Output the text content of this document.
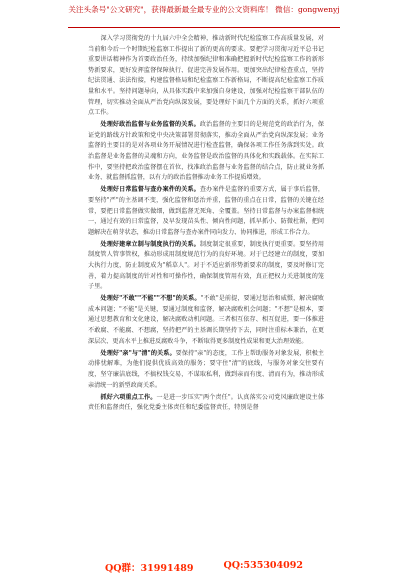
关注头条号"公文研究"，获得最新最全最专业的公文资料库！ 微信：gongwenyj

深入学习贯彻党的十九届六中全会精神，推动新时代纪检监察工作高质量发展，对当前和今后一个时期纪检监察工作提出了新的更高的要求。要把学习贯彻习近平总书记重要讲话精神作为首要政治任务，持续加强纪律和准确把握新时代纪检监察工作的新形势新要求，更好发挥监督保障执行、促进完善发展作用。更加突出纪律检查重点，坚持纪法贯通、法法衔接，构建监督格局和纪检监察工作新格局，不断提高纪检监察工作质量和水平。坚持问题导向，从具体实践中来加强自身建设，加强对纪检监察干部队伍的管理，切实推动全面从严治党向纵深发展，要处理好下面几个方面的关系，抓好六项重点工作。

处理好政治监督与业务监督的关系。政治监督的主要目的是规范党的政治行为，保证党的路线方针政策和党中央决策部署贯彻落实，推动全面从严治党向纵深发展；业务监督的主要目的是对各项业务开展情况进行检查监督，确保各项工作任务落到实处。政治监督是业务监督的灵魂和方向，业务监督是政治监督的具体化和实践载体。在实际工作中，要坚持把政治监督摆在首位，找准政治监督与业务监督的结合点，防止就业务抓业务、就监督抓监督，以有力的政治监督推动业务工作提质增效。

处理好日常监督与查办案件的关系。查办案件是监督的重要方式，属于事后监督，要坚持"严"的主基调不变，强化监督和惩治并重，监督的重点在日常，监督的关键在经常，要把日常监督做实做细，做到监督无死角、全覆盖。坚持日常监督与办案监督相统一，通过有效的日常监督，及早发现苗头性、倾向性问题，抓早抓小、防微杜渐，把问题解决在萌芽状态，推动日常监督与查办案件同向发力、协同推进，形成工作合力。

处理好建章立制与制度执行的关系。制度制定很重要，制度执行更重要。要坚持用制度管人管事管权，推动形成用制度规范行为的良好环境。对于已经建立的制度，要加大执行力度，防止制度成为"稻草人"。对于不适应新形势新要求的制度，要及时修订完善，着力提高制度的针对性和可操作性，确保制度管用有效，真正把权力关进制度的笼子里。

处理好"不敢""不能""不想"的关系。"不敢"是前提，要通过惩治和威慑，解决腐败成本问题；"不能"是关键，要通过制度和监督，解决腐败机会问题；"不想"是根本，要通过思想教育和文化建设，解决腐败动机问题。三者相互依存、相互促进，要一体推进不敢腐、不能腐、不想腐，坚持把严的主基调长期坚持下去，同时注重标本兼治，在更深层次、更高水平上推进反腐败斗争，不断取得更多制度性成果和更大治理效能。

处理好"亲"与"清"的关系。要保持"亲"的态度，工作上帮助服务对象发展，积极主动排忧解难，为他们提供优质高效的服务；要守住"清"的底线，与服务对象交往要有度，坚守廉洁底线，不搞权钱交易，不谋取私利，做到亲而有度、清而有为，推动形成亲清统一的新型政商关系。

抓好六项重点工作。一是进一步压实"两个责任"。认真落实公司党风廉政建设主体责任和监督责任，强化党委主体责任和纪委监督责任，特别是督

QQ群：31991489	QQ:535304092
